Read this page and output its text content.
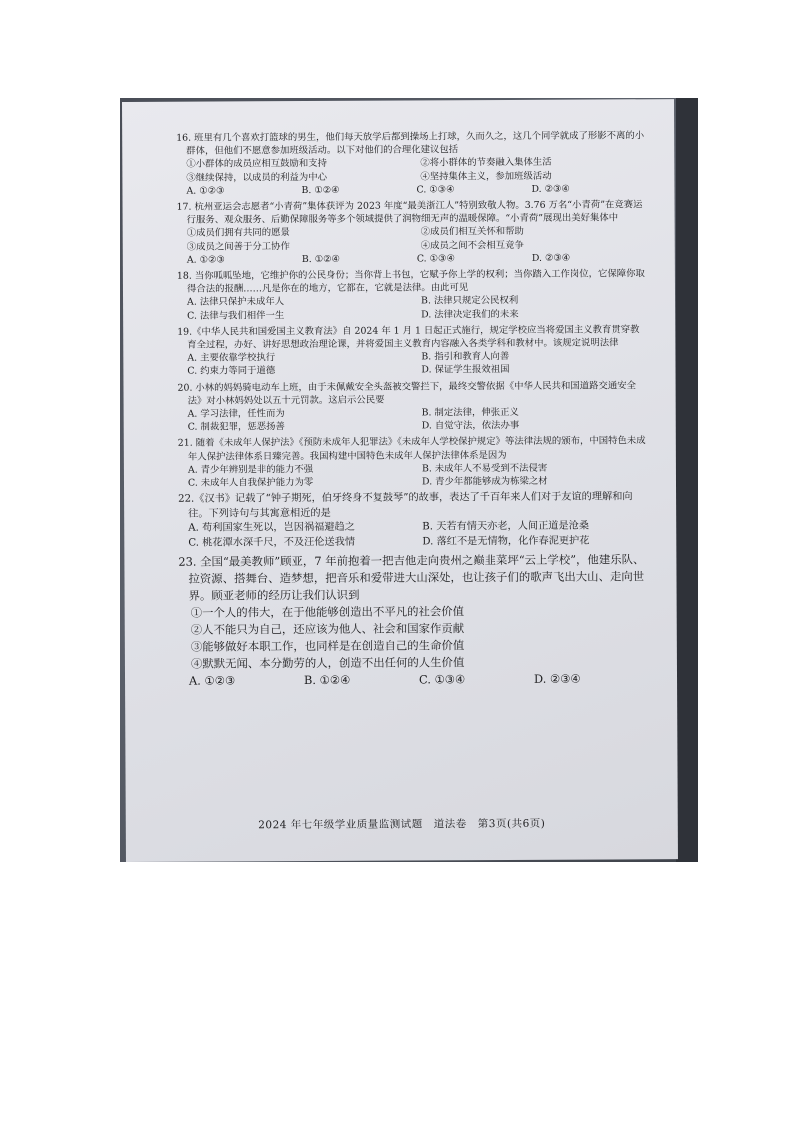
16. 班里有几个喜欢打篮球的男生，他们每天放学后都到操场上打球，久而久之，这几个同学就成了形影不离的小群体，但他们不愿意参加班级活动。以下对他们的合理化建议包括

①小群体的成员应相互鼓励和支持	②将小群体的节奏融入集体生活
③继续保持，以成员的利益为中心	④坚持集体主义，参加班级活动
A. ①②③	B. ①②④	C. ①③④	D. ②③④

17. 杭州亚运会志愿者“小青荷”集体获评为 2023 年度“最美浙江人”特别致敬人物。3.76 万名“小青荷”在竞赛运行服务、观众服务、后勤保障服务等多个领域提供了润物细无声的温暖保障。“小青荷”展现出美好集体中

①成员们拥有共同的愿景	②成员们相互关怀和帮助
③成员之间善于分工协作	④成员之间不会相互竞争
A. ①②③	B. ①②④	C. ①③④	D. ②③④

18. 当你呱呱坠地，它维护你的公民身份；当你背上书包，它赋予你上学的权利；当你踏入工作岗位，它保障你取得合法的报酬……凡是你在的地方，它都在，它就是法律。由此可见

A. 法律只保护未成年人	B. 法律只规定公民权利
C. 法律与我们相伴一生	D. 法律决定我们的未来

19.《中华人民共和国爱国主义教育法》自 2024 年 1 月 1 日起正式施行，规定学校应当将爱国主义教育贯穿教育全过程，办好、讲好思想政治理论课，并将爱国主义教育内容融入各类学科和教材中。该规定说明法律

A. 主要依靠学校执行	B. 指引和教育人向善
C. 约束力等同于道德	D. 保证学生报效祖国

20. 小林的妈妈骑电动车上班，由于未佩戴安全头盔被交警拦下，最终交警依据《中华人民共和国道路交通安全法》对小林妈妈处以五十元罚款。这启示公民要

A. 学习法律，任性而为	B. 制定法律，伸张正义
C. 制裁犯罪，惩恶扬善	D. 自觉守法，依法办事

21. 随着《未成年人保护法》《预防未成年人犯罪法》《未成年人学校保护规定》等法律法规的颁布，中国特色未成年人保护法律体系日臻完善。我国构建中国特色未成年人保护法律体系是因为

A. 青少年辨别是非的能力不强	B. 未成年人不易受到不法侵害
C. 未成年人自我保护能力为零	D. 青少年都能够成为栋梁之材

22.《汉书》记载了“钟子期死，伯牙终身不复鼓琴”的故事，表达了千百年来人们对于友谊的理解和向往。下列诗句与其寓意相近的是

A. 苟利国家生死以，岂因祸福避趋之	B. 天若有情天亦老，人间正道是沧桑
C. 桃花潭水深千尺，不及汪伦送我情	D. 落红不是无情物，化作春泥更护花

23. 全国“最美教师”顾亚，7 年前抱着一把吉他走向贵州之巅韭菜坪“云上学校”，他建乐队、拉资源、搭舞台、造梦想，把音乐和爱带进大山深处，也让孩子们的歌声飞出大山、走向世界。顾亚老师的经历让我们认识到

①一个人的伟大，在于他能够创造出不平凡的社会价值
②人不能只为自己，还应该为他人、社会和国家作贡献
③能够做好本职工作，也同样是在创造自己的生命价值
④默默无闻、本分勤劳的人，创造不出任何的人生价值
A. ①②③	B. ①②④	C. ①③④	D. ②③④
2024 年七年级学业质量监测试题　道法卷　第3页(共6页)
